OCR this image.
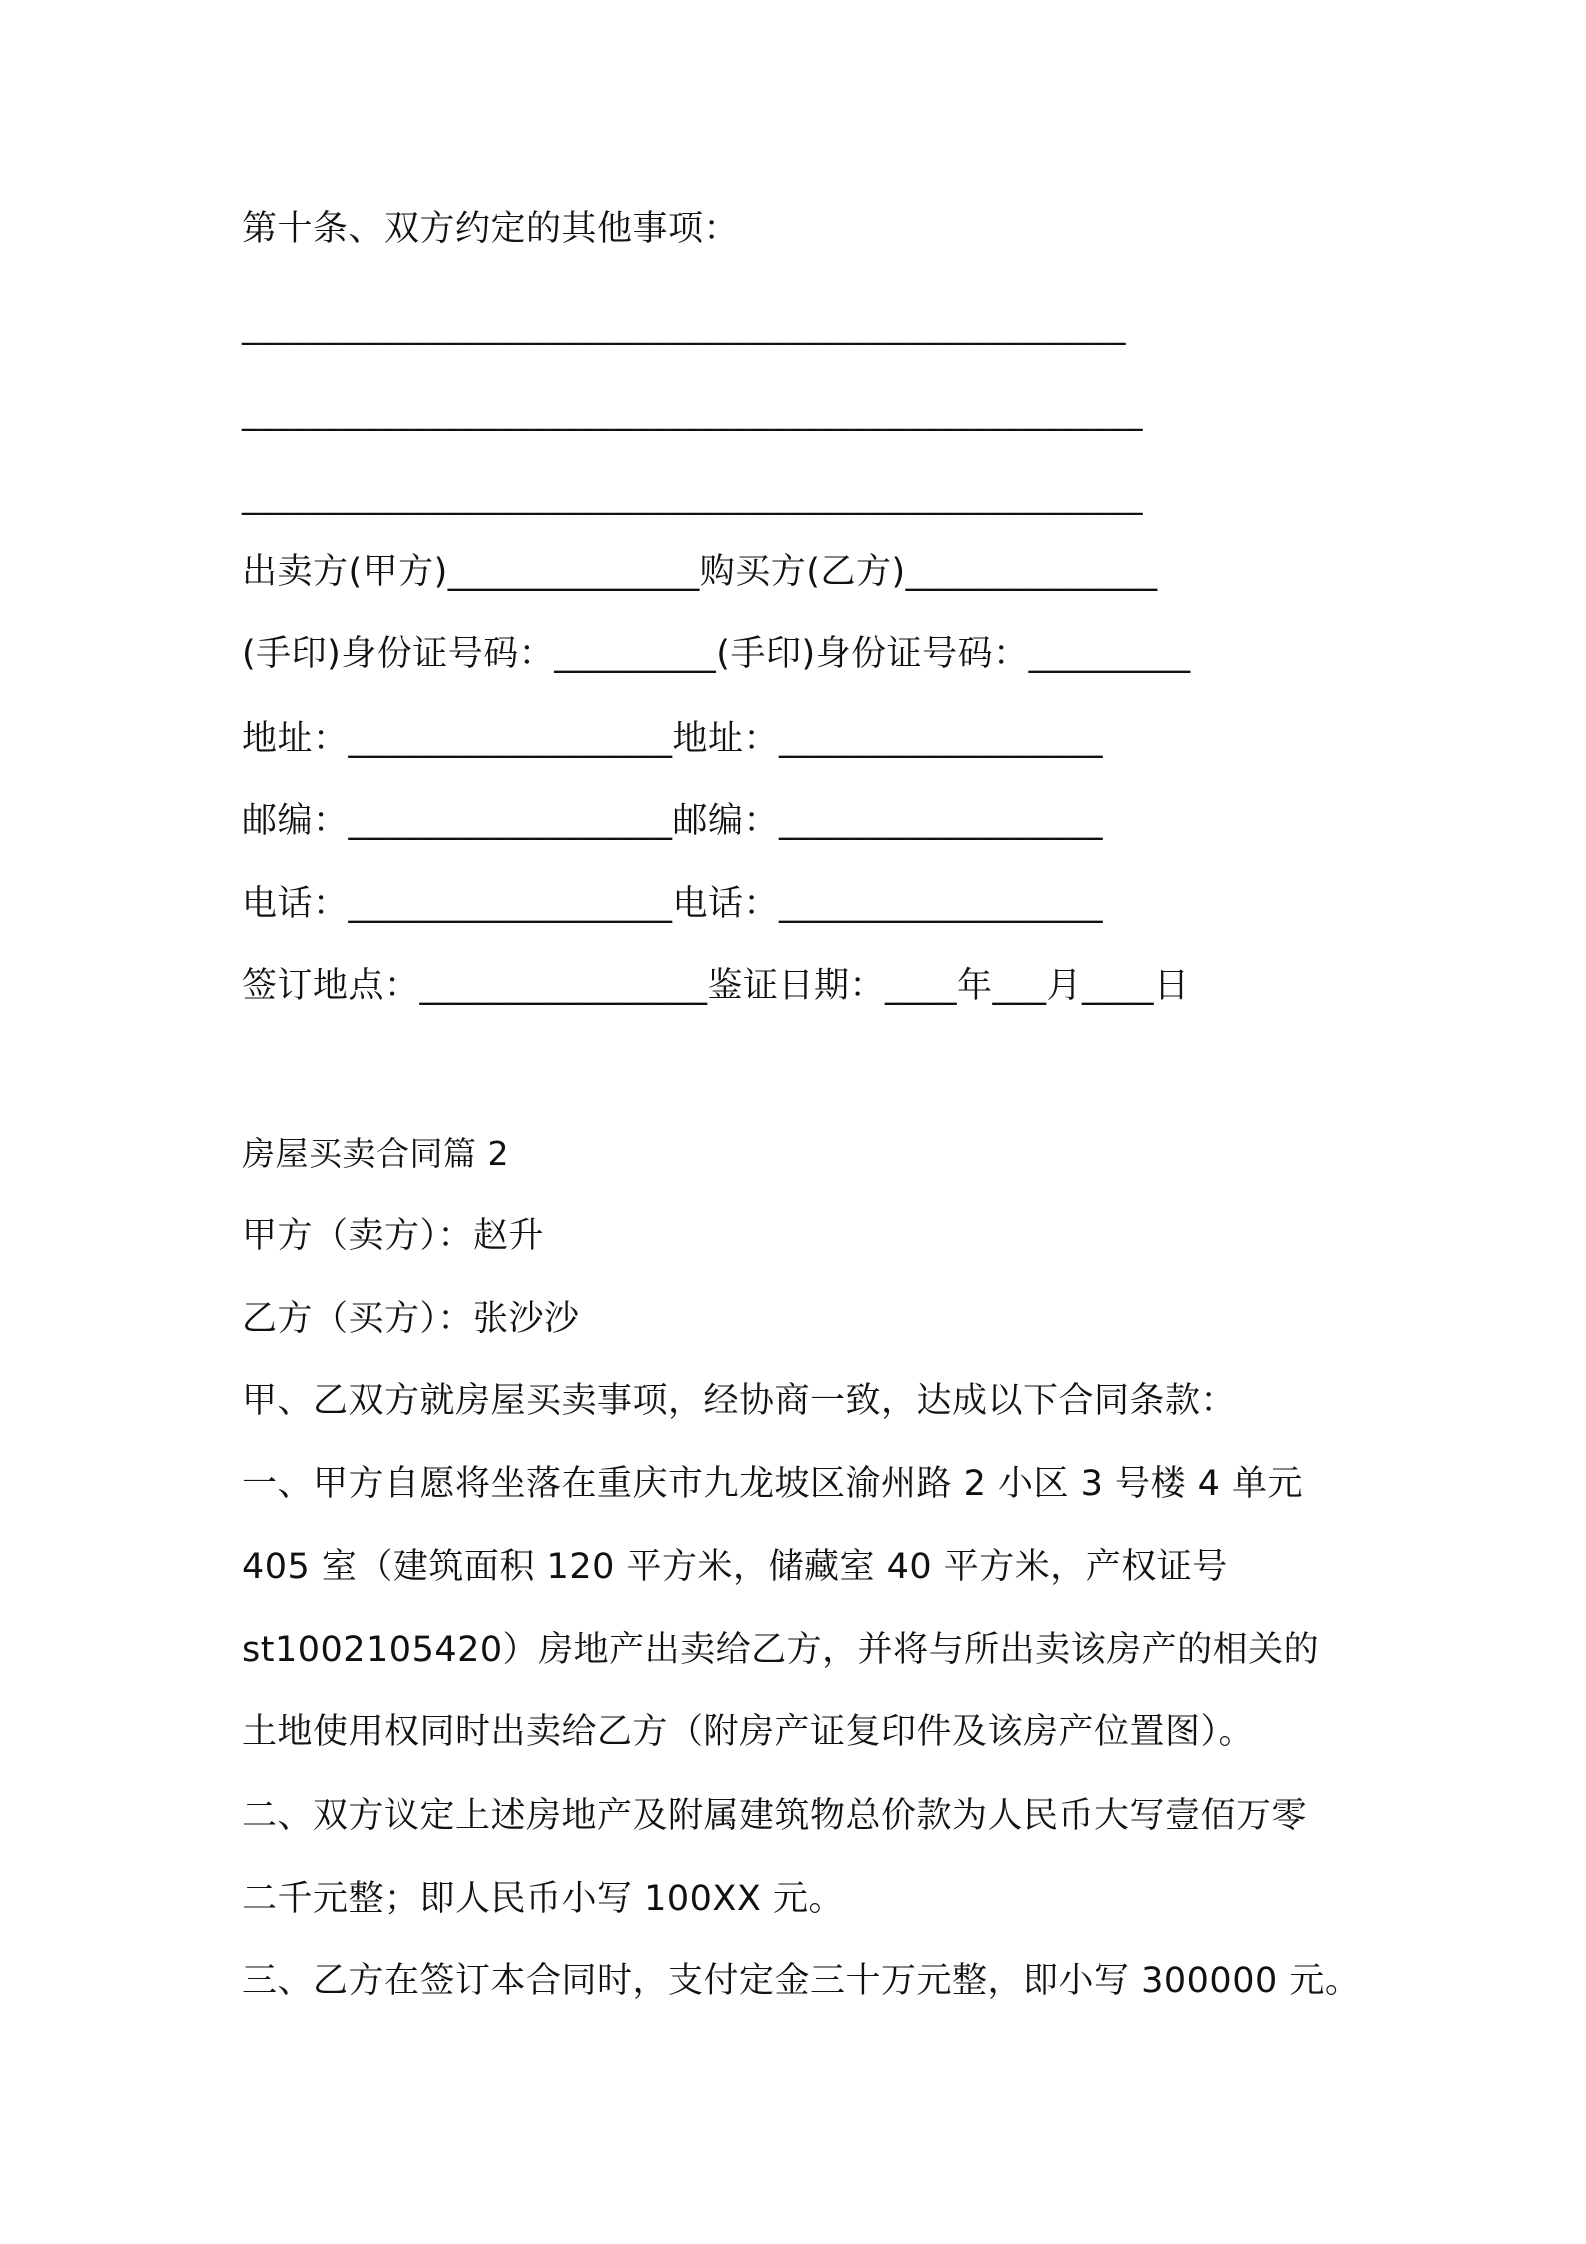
第十条、双方约定的其他事项：
____________________________________________________
_____________________________________________________
_____________________________________________________
出卖方(甲方)______________购买方(乙方)______________
(手印)身份证号码：_________(手印)身份证号码：_________
地址：__________________地址：__________________
邮编：__________________邮编：__________________
电话：__________________电话：__________________
签订地点：________________鉴证日期：____年___月____日
房屋买卖合同篇 2
甲方（卖方）：赵升
乙方（买方）：张沙沙
甲、乙双方就房屋买卖事项，经协商一致，达成以下合同条款：
一、甲方自愿将坐落在重庆市九龙坡区渝州路 2 小区 3 号楼 4 单元
405 室（建筑面积 120 平方米，储藏室 40 平方米，产权证号
st1002105420）房地产出卖给乙方，并将与所出卖该房产的相关的
土地使用权同时出卖给乙方（附房产证复印件及该房产位置图）。
二、双方议定上述房地产及附属建筑物总价款为人民币大写壹佰万零
二千元整；即人民币小写 100XX 元。
三、乙方在签订本合同时，支付定金三十万元整，即小写 300000 元。
